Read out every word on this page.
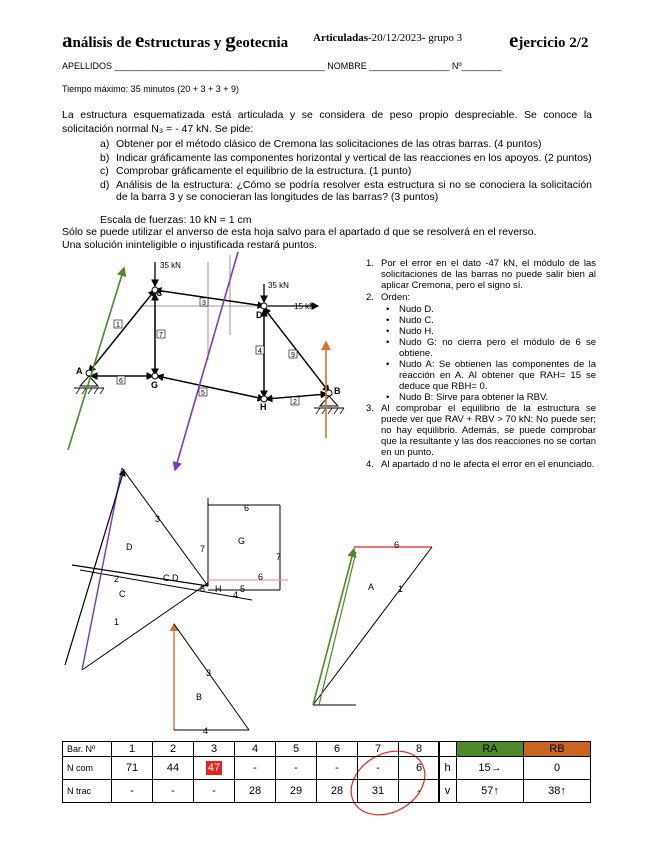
análisis de estructuras y geotecnia Articuladas-20/12/2023- grupo 3 ejercicio 2/2
APELLIDOS __________________________________________ NOMBRE ________________ Nº________
Tiempo máximo: 35 minutos (20 + 3 + 3 + 9)
La estructura esquematizada está articulada y se considera de peso propio despreciable. Se conoce la solicitación normal N₃ = - 47 kN. Se pide:
a) Obtener por el método clásico de Cremona las solicitaciones de las otras barras. (4 puntos)
b) Indicar gráficamente las componentes horizontal y vertical de las reacciones en los apoyos. (2 puntos)
c) Comprobar gráficamente el equilibrio de la estructura. (1 punto)
d) Análisis de la estructura: ¿Cómo se podría resolver esta estructura si no se conociera la solicitación de la barra 3 y se conocieran las longitudes de las barras? (3 puntos)
Escala de fuerzas: 10 kN = 1 cm
Sólo se puede utilizar el anverso de esta hoja salvo para el apartado d que se resolverá en el reverso.
Una solución ininteligible o injustificada restará puntos.
1. Por el error en el dato -47 kN, el módulo de las solicitaciones de las barras no puede salir bien al aplicar Cremona, pero el signo sí.
2. Orden:
• Nudo D.
• Nudo C.
• Nudo H.
• Nudo G: no cierra pero el módulo de 6 se obtiene.
• Nudo A: Se obtienen las componentes de la reacción en A. Al obtener que RAH= 15 se deduce que RBH= 0.
• Nudo B: Sirve para obtener la RBV.
3. Al comprobar el equilibrio de la estructura se puede ver que RAV + RBV > 70 kN: No puede ser; no hay equilibrio. Además, se puede comprobar que la resultante y las dos reacciones no se cortan en un punto.
4. Al apartado d no le afecta el error en el enunciado.
1
3
7
6
5
4
9
2
35 kN
35 kN
15 kN
A
C
G
D
H
B
3
D
6
G
7
7
2	C D	6
C	8 H 5
4
1
3
B
4
6
A	1
Bar. Nº	1	2	3	4	5	6	7	8
N com	71	44	47	-	-	-	-	6
N trac	-	-	-	28	29	28	31	-
	RA	RB
h	15→	0
v	57↑	38↑
